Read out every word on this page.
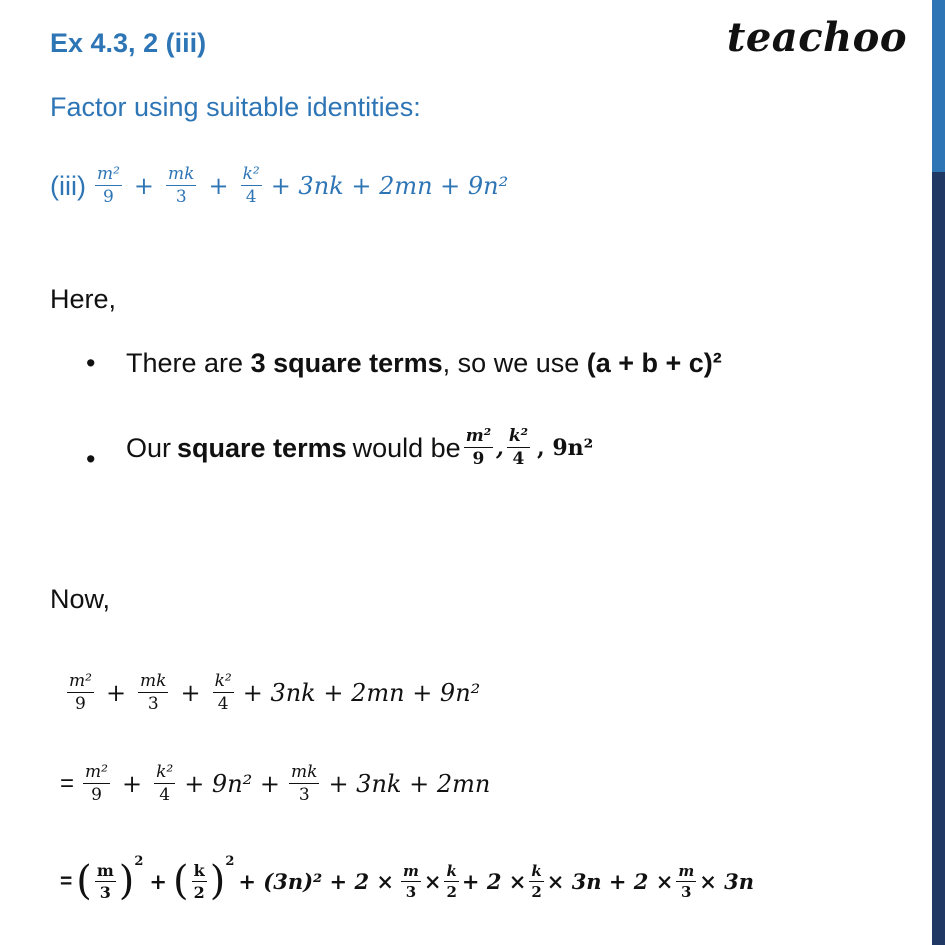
Ex 4.3, 2 (iii)	teachoo
Factor using suitable identities:
$(iii) \frac{\text{m²}}{9} + \frac{mk}{3} + \frac{\text{k²}}{4} + 3nk + 2mn + 9n^2$
Here,
• There are 3 square terms, so we use (a + b + c)²
• Our square terms would be $\frac{\text{m²}}{9}$ , $\frac{\text{k²}}{4}$ , 9n²
Now,
$\frac{\text{m²}}{9} + \frac{mk}{3} + \frac{\text{k²}}{4} + 3nk + 2mn + 9n^2$
= $\frac{\text{m²}}{9} + \frac{\text{k²}}{4} + 9n^2 + \frac{mk}{3} + 3nk + 2mn$
= ( $\frac{m}{3}$ ) 2
+ ( $\frac{k}{2}$ ) 2
+ $(3n)^2 + 2 \times \frac{m}{3} \times \frac{k}{2} + 2 \times \frac{k}{2} \times 3n + 2 \times \frac{m}{3} \times 3n$
